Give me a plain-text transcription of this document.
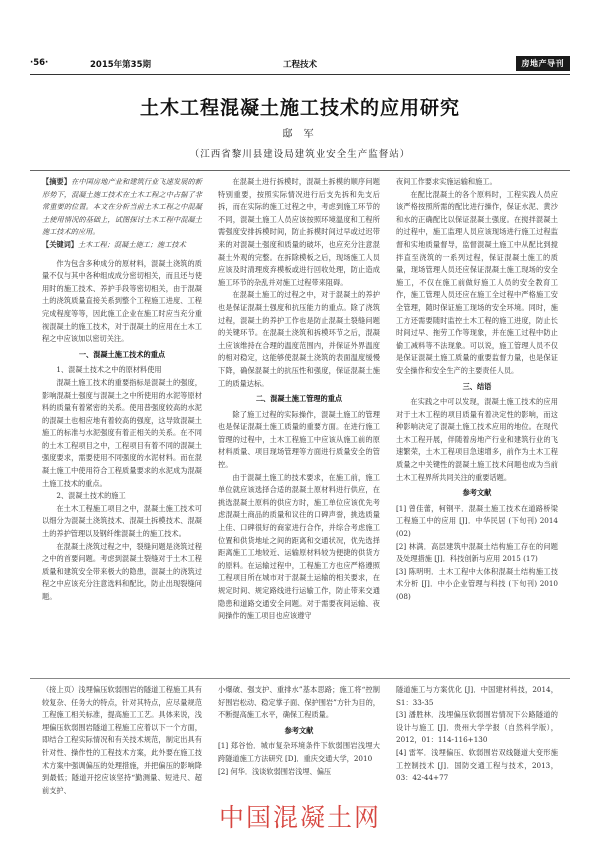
·56·	2015年第35期	工程技术	房地产导刊
土木工程混凝土施工技术的应用研究
邸 军
（江西省黎川县建设局建筑业安全生产监督站）

【摘要】在中国房地产业和建筑行业飞速发展的新形势下，混凝土施工技术在土木工程之中占据了非常重要的位置。本文在分析当前土木工程之中混凝土使用情况的基础上，试图探讨土木工程中混凝土施工技术的应用。

【关键词】土木工程；混凝土施工；施工技术

作为包含多种成分的原材料，混凝土浇筑的质量不仅与其中各种组成成分密切相关，而且还与使用时的施工技术、养护手段等密切相关，由于混凝土的浇筑质量直接关系到整个工程施工进度、工程完成程度等等，因此施工企业在施工时应当充分重视混凝土的施工技术，对于混凝土的应用在土木工程之中应该加以密切关注。

一、混凝土施工技术的重点

1、混凝土技术之中的原材料使用

混凝土施工技术的重要指标是混凝土的强度，影响混凝土强度与混凝土之中所使用的水泥等原材料的质量有着紧密的关系。使用普强度较高的水泥的混凝土也相应地有着较高的强度，这导致混凝土施工的标准与水泥强度有着正相关的关系。在不同的土木工程项目之中，工程项目有着不同的混凝土强度要求，需要使用不同强度的水泥材料。而在混凝土施工中使用符合工程质量要求的水泥成为混凝土施工技术的重点。

2、混凝土技术的施工

在土木工程施工项目之中，混凝土施工技术可以细分为混凝土浇筑技术、混凝土拆模技术、混凝土的养护管理以及钢纤维混凝土的施工技术。

在混凝土浇筑过程之中，裂缝问题是浇筑过程之中的首要问题。考虑到混凝土裂缝对于土木工程质量和建筑安全带来极大的隐患，混凝土的浇筑过程之中应该充分注意选料和配比，防止出现裂缝问题。

在混凝土进行拆模时，混凝土拆模的顺序问题特别重要，按照实际情况进行后支先拆和先支后拆，而在实际的施工过程之中，考虑到施工环节的不同，混凝土施工人员应该按照环境温度和工程所需强度安排拆模时间，防止拆模时间过早或过迟带来的对混凝土强度和质量的破坏，也应充分注意混凝土外观的完整。在拆除模板之后，现场施工人员应该及时清理废弃模板或进行回收处理，防止造成施工环节的杂乱并对施工过程带来阻碍。

在混凝土施工的过程之中，对于混凝土的养护也是保证混凝土强度和抗压能力的重点。除了浇筑过程，混凝土的养护工作也是防止混凝土裂缝问题的关键环节。在混凝土浇筑和拆模环节之后，混凝土应该维持在合理的温度范围内，并保证外界温度的相对稳定，这能够使混凝土浇筑的表面温度缓慢下降，确保混凝土的抗压性和强度，保证混凝土施工的质量达标。

二、混凝土施工管理的重点

除了施工过程的实际操作，混凝土施工的管理也是保证混凝土施工质量的重要方面。在进行施工管理的过程中，土木工程施工中应该从施工前的原材料质量、项目现场管理等方面进行质量安全的管控。

由于混凝土施工的技术要求，在施工前，施工单位就应该选择合适的混凝土原材料进行供应，在挑选混凝土原料的供应方时，施工单位应该优先考虑混凝土商品的质量和议往的口碑声誉，挑选质量上佳、口碑很好的商家进行合作，并综合考虑施工位置和供货地址之间的距离和交通状况，优先选择距离施工工地较近、运输原材料较为便捷的供货方的原料。在运输过程中，工程施工方也应严格遵照工程项目所在城市对于混凝土运输的相关要求，在规定时间、规定路线进行运输工作，防止带来交通隐患和道路交通安全问题。对于需要夜间运输、夜间操作的施工项目也应该遵守

夜间工作要求实施运输和施工。

在配比混凝土的各个原料时，工程实践人员应该严格按照所需的配比进行操作，保证水泥、黄沙和水的正确配比以保证混凝土强度。在搅拌混凝土的过程中，施工监理人员应该现场进行施工过程监督和实地质量督导，监督混凝土施工中从配比到搅拌直至浇筑的一系列过程，保证混凝土施工的质量，现场管理人员还应保证混凝土施工现场的安全施工，不仅在施工前做好施工人员的安全教育工作，施工管理人员还应在施工全过程中严格施工安全管理，随时保证施工现场的安全环境。同时，施工方还需要随时监控土木工程的施工进度，防止长时间过早、拖劳工作等现象，并在施工过程中防止偷工减料等不法现象。可以说，施工管理人员不仅是保证混凝土施工质量的重要监督力量，也是保证安全操作和安全生产的主要责任人员。

三、结语

在实践之中可以发现，混凝土施工技术的应用对于土木工程的项目质量有着决定性的影响，而这种影响决定了混凝土施工技术应用的地位。在现代土木工程开展，伴随着房地产行业和建筑行业的飞速繁荣，土木工程项目急速增多，前作为土木工程质量之中关键性的混凝土施工技术问题也成为当前土木工程界所共同关注的重要话题。

参考文献

[1] 曾佳蕾，柯钢平．混凝土施工技术在道路桥梁工程施工中的应用 [J]．中华民居 (下旬刊) 2014 (02)

[2] 林满．高层建筑中混凝土结构施工存在的问题及处理措施 [J]．科技创新与应用 2015 (17)

[3] 陈明明．土木工程中大体积混凝土结构施工技术分析 [J]．中小企业管理与科技 (下旬刊) 2010 (08)

（接上页）浅埋偏压软弱围岩的隧道工程施工具有较复杂、任务大的特点，针对其特点，应尽量规范工程施工相关标准，提高施工工艺。具体来说，浅埋偏压软弱围岩隧道工程施工应着以下一个方面，即结合工程实际情况和有关技术规范，制定出具有针对性、操作性的工程技术方案，此外要在施工技术方案中强调偏压的处理措施，并把偏压的影响降到最低；隧道开挖应该坚持“勤测量、短进尺、超前支护、

小爆破、强支护、重排水”基本思路；施工将“控制好围岩松动、稳定掌子面、保护围岩”方针为目的，不断提高施工水平，确保工程质量。

参考文献

[1] 郑谷怡．城市复杂环境条件下软弱围岩浅埋大跨隧道施工方法研究 [D]．重庆交通大学，2010

[2] 何华．浅谈软弱围岩浅埋、偏压

隧道施工与方案优化 [J]．中国建材科技，2014，S1：33-35

[3] 潘胜林．浅埋偏压软弱围岩情况下公路隧道的设计与施工 [J]．贵州大学学报（自然科学版），2012，01：114-116+130

[4] 雷军．浅埋偏压、软弱围岩双线隧道大变形施工控制技术 [J]．国防交通工程与技术，2013，03：42-44+77

中国混凝土网
